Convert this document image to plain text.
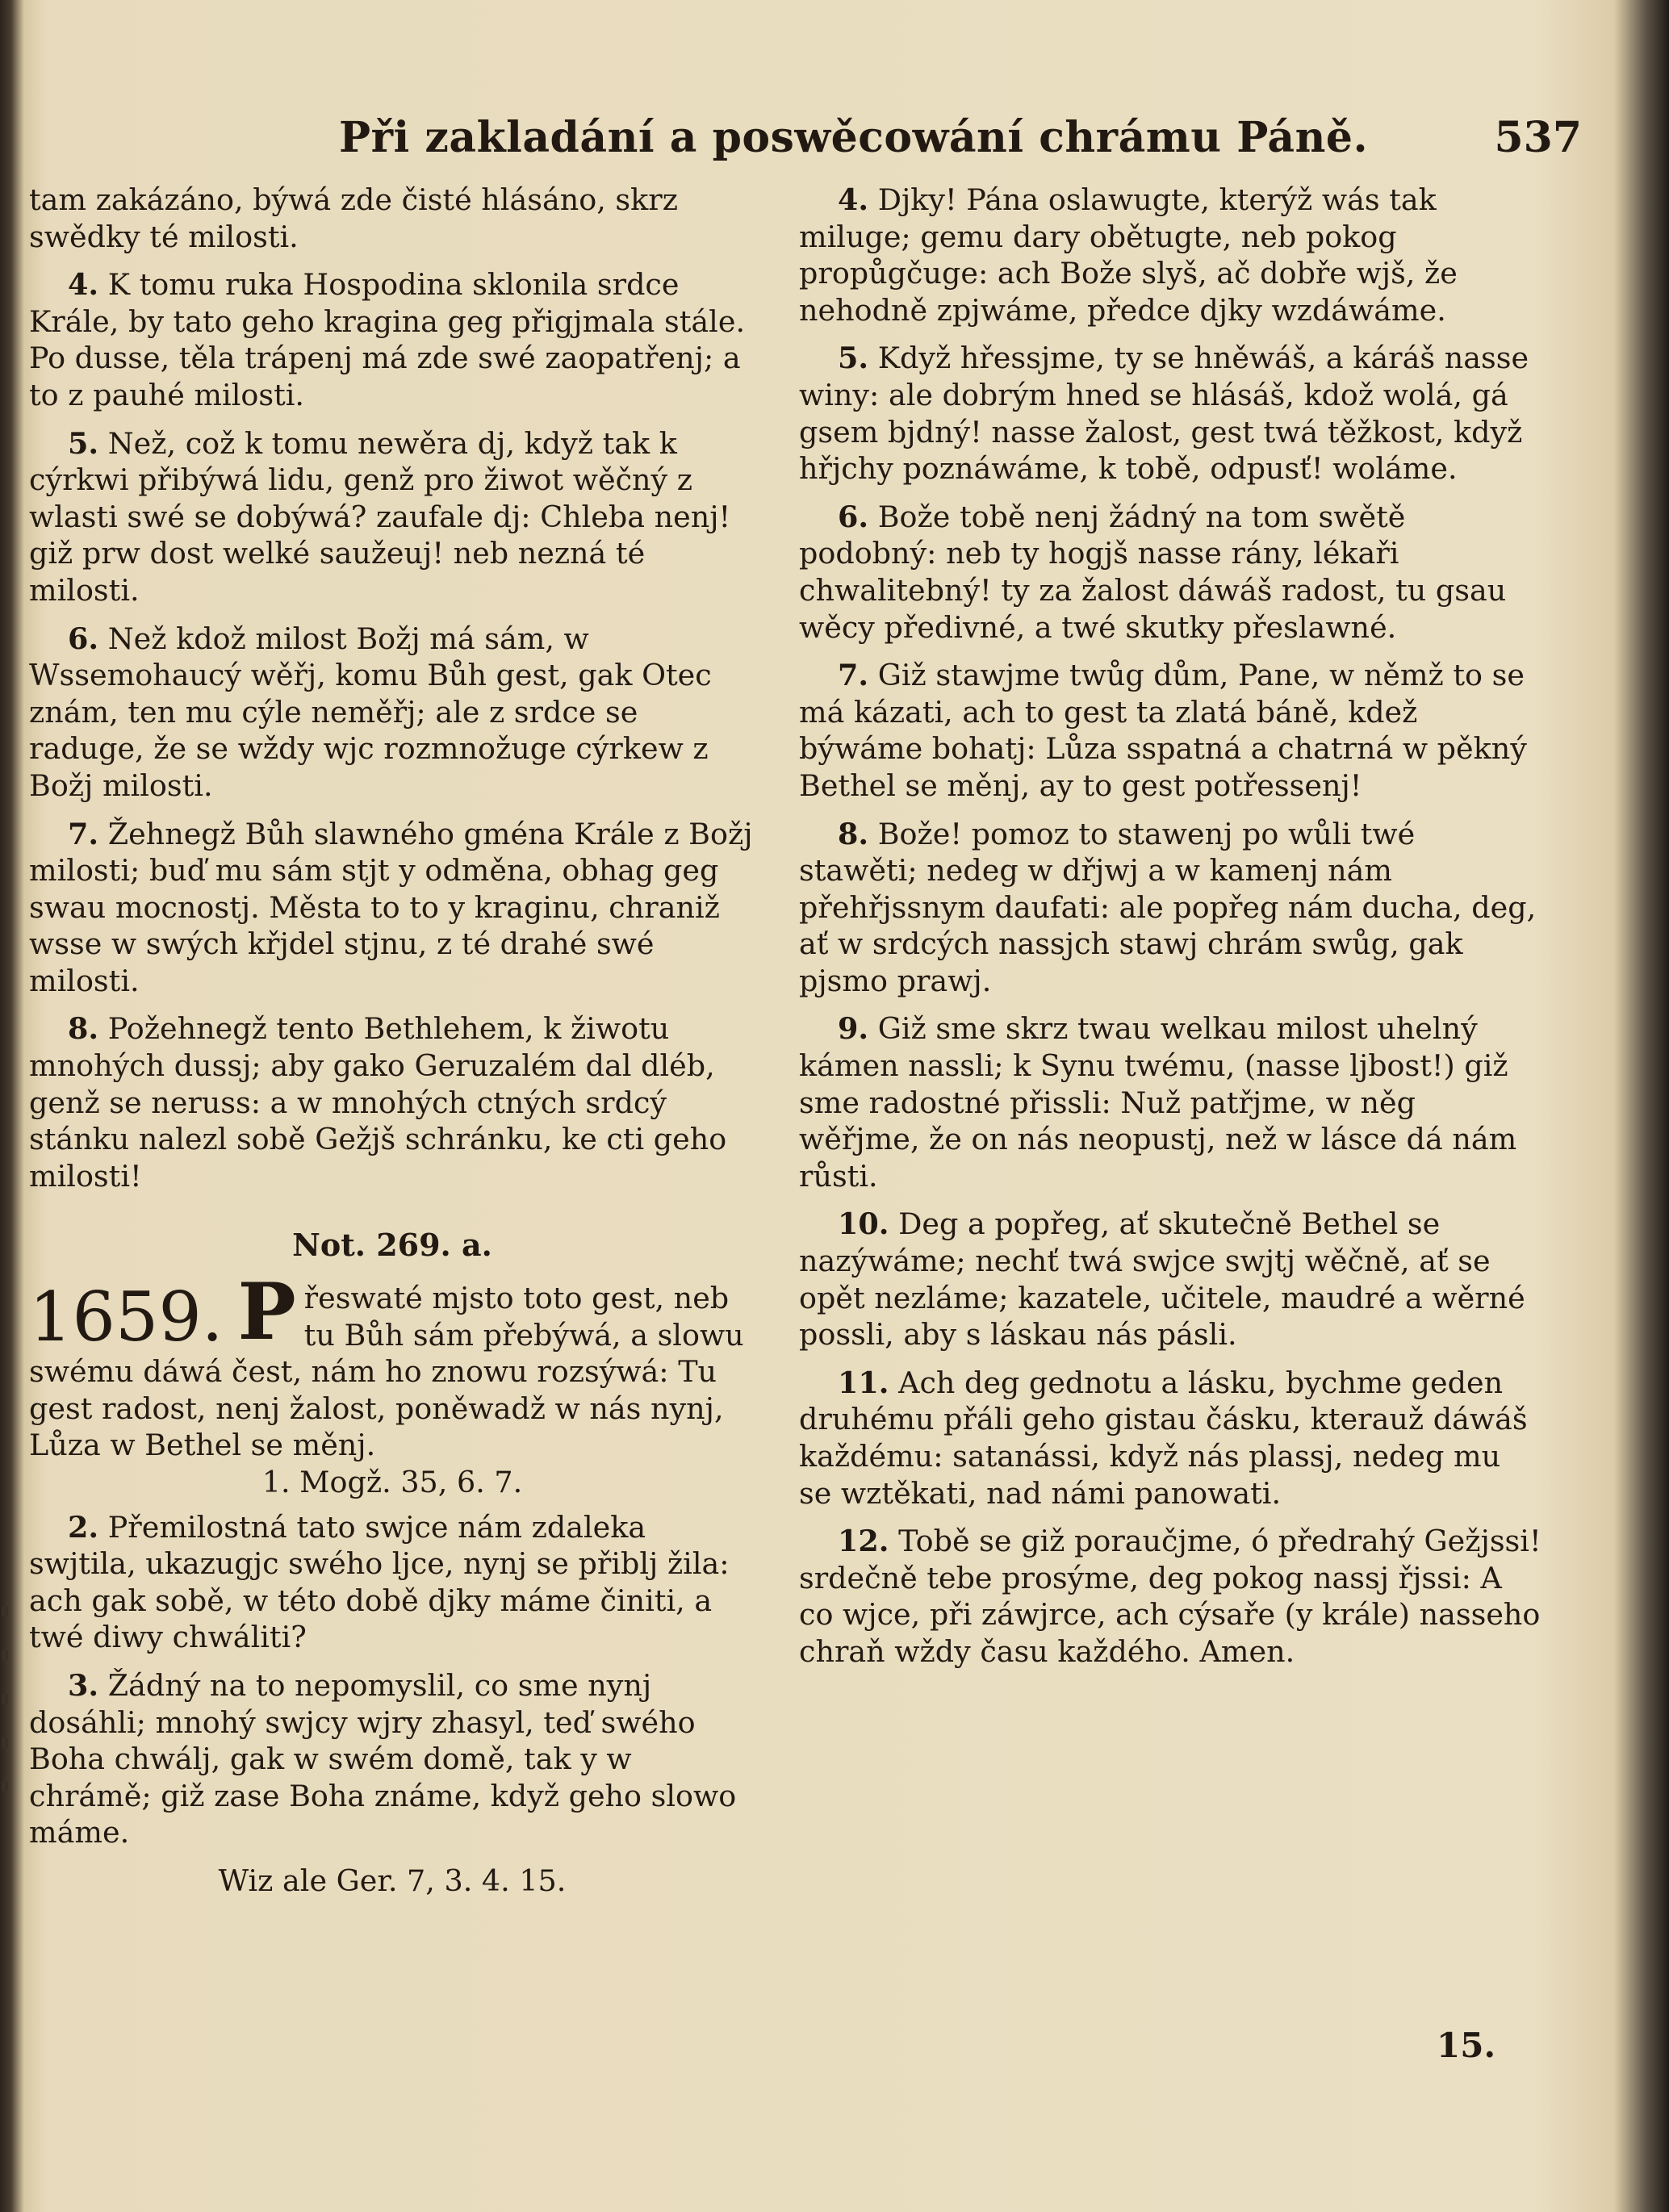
Při zakladání a poswěcowání chrámu Páně.	537

tam zakázáno, býwá zde čisté hlásáno, skrz swědky té milosti.

4. K tomu ruka Hospodina sklonila srdce Krále, by tato geho kragina geg přigjmala stále. Po dusse, těla trápenj má zde swé zaopatřenj; a to z pauhé milosti.

5. Než, což k tomu newěra dj, když tak k cýrkwi přibýwá lidu, genž pro žiwot wěčný z wlasti swé se dobýwá? zaufale dj: Chleba nenj! giž prw dost welké saužeuj! neb nezná té milosti.

6. Než kdož milost Božj má sám, w Wssemohaucý wěřj, komu Bůh gest, gak Otec znám, ten mu cýle neměřj; ale z srdce se raduge, že se wždy wjc rozmnožuge cýrkew z Božj milosti.

7. Žehnegž Bůh slawného gména Krále z Božj milosti; buď mu sám stjt y odměna, obhag geg swau mocnostj. Města to to y kraginu, chraniž wsse w swých křjdel stjnu, z té drahé swé milosti.

8. Požehnegž tento Bethlehem, k žiwotu mnohých dussj; aby gako Geruzalém dal dléb, genž se neruss: a w mnohých ctných srdcý stánku nalezl sobě Gežjš schránku, ke cti geho milosti!

Not. 269. a.

1659. P řeswaté mjsto toto gest, neb tu Bůh sám přebýwá, a slowu swému dáwá čest, nám ho znowu rozsýwá: Tu gest radost, nenj žalost, poněwadž w nás nynj, Lůza w Bethel se měnj.

1. Mogž. 35, 6. 7.

2. Přemilostná tato swjce nám zdaleka swjtila, ukazugjc swého ljce, nynj se přiblj žila: ach gak sobě, w této době djky máme činiti, a twé diwy chwáliti?

3. Žádný na to nepomyslil, co sme nynj dosáhli; mnohý swjcy wjry zhasyl, teď swého Boha chwálj, gak w swém domě, tak y w chrámě; giž zase Boha známe, když geho slowo máme.

Wiz ale Ger. 7, 3. 4. 15.

4. Djky! Pána oslawugte, kterýž wás tak miluge; gemu dary obětugte, neb pokog propůgčuge: ach Bože slyš, ač dobře wjš, že nehodně zpjwáme, předce djky wzdáwáme.

5. Když hřessjme, ty se hněwáš, a káráš nasse winy: ale dobrým hned se hlásáš, kdož wolá, gá gsem bjdný! nasse žalost, gest twá těžkost, když hřjchy poznáwáme, k tobě, odpusť! woláme.

6. Bože tobě nenj žádný na tom swětě podobný: neb ty hogjš nasse rány, lékaři chwalitebný! ty za žalost dáwáš radost, tu gsau wěcy předivné, a twé skutky přeslawné.

7. Giž stawjme twůg dům, Pane, w němž to se má kázati, ach to gest ta zlatá báně, kdež býwáme bohatj: Lůza sspatná a chatrná w pěkný Bethel se měnj, ay to gest potřessenj!

8. Bože! pomoz to stawenj po wůli twé stawěti; nedeg w dřjwj a w kamenj nám přehřjssnym daufati: ale popřeg nám ducha, deg, ať w srdcých nassjch stawj chrám swůg, gak pjsmo prawj.

9. Giž sme skrz twau welkau milost uhelný kámen nassli; k Synu twému, (nasse ljbost!) giž sme radostné přissli: Nuž patřjme, w něg wěřjme, že on nás neopustj, než w lásce dá nám růsti.

10. Deg a popřeg, ať skutečně Bethel se nazýwáme; nechť twá swjce swjtj wěčně, ať se opět nezláme; kazatele, učitele, maudré a wěrné possli, aby s láskau nás pásli.

11. Ach deg gednotu a lásku, bychme geden druhému přáli geho gistau čásku, kterauž dáwáš každému: satanássi, když nás plassj, nedeg mu se wztěkati, nad námi panowati.

12. Tobě se giž poraučjme, ó předrahý Gežjssi! srdečně tebe prosýme, deg pokog nassj řjssi: A co wjce, při záwjrce, ach cýsaře (y krále) nasseho chraň wždy času každého. Amen.

15.
